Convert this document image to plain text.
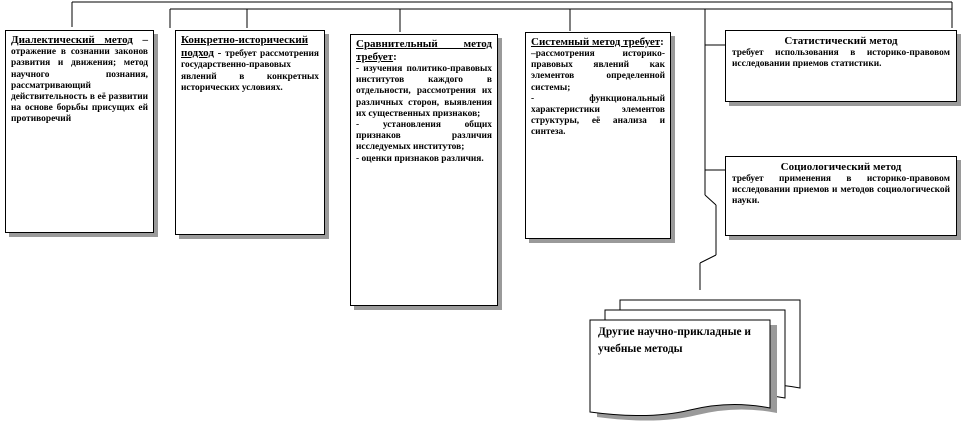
Диалектический метод – отражение в сознании законов развития и движения; метод научного познания, рассматривающий действительность в её развитии на основе борьбы присущих ей противоречий
Конкретно-исторический подход - требует рассмотрения государственно-правовых явлений в конкретных исторических условиях.

Сравнительный метод требует:

- изучения политико-правовых институтов каждого в отдельности, рассмотрения их различных сторон, выявления их существенных признаков;

- установления общих признаков различия исследуемых институтов;

- оценки признаков различия.

Системный метод требует:

–рассмотрения историко-правовых явлений как элементов определенной системы;

- функциональный характеристики элементов структуры, её анализа и синтеза.

Статистический метод

требует использования в историко-правовом исследовании приемов статистики.

Социологический метод

требует применения в историко-правовом исследовании приемов и методов социологической науки.

Другие научно-прикладные и учебные методы
